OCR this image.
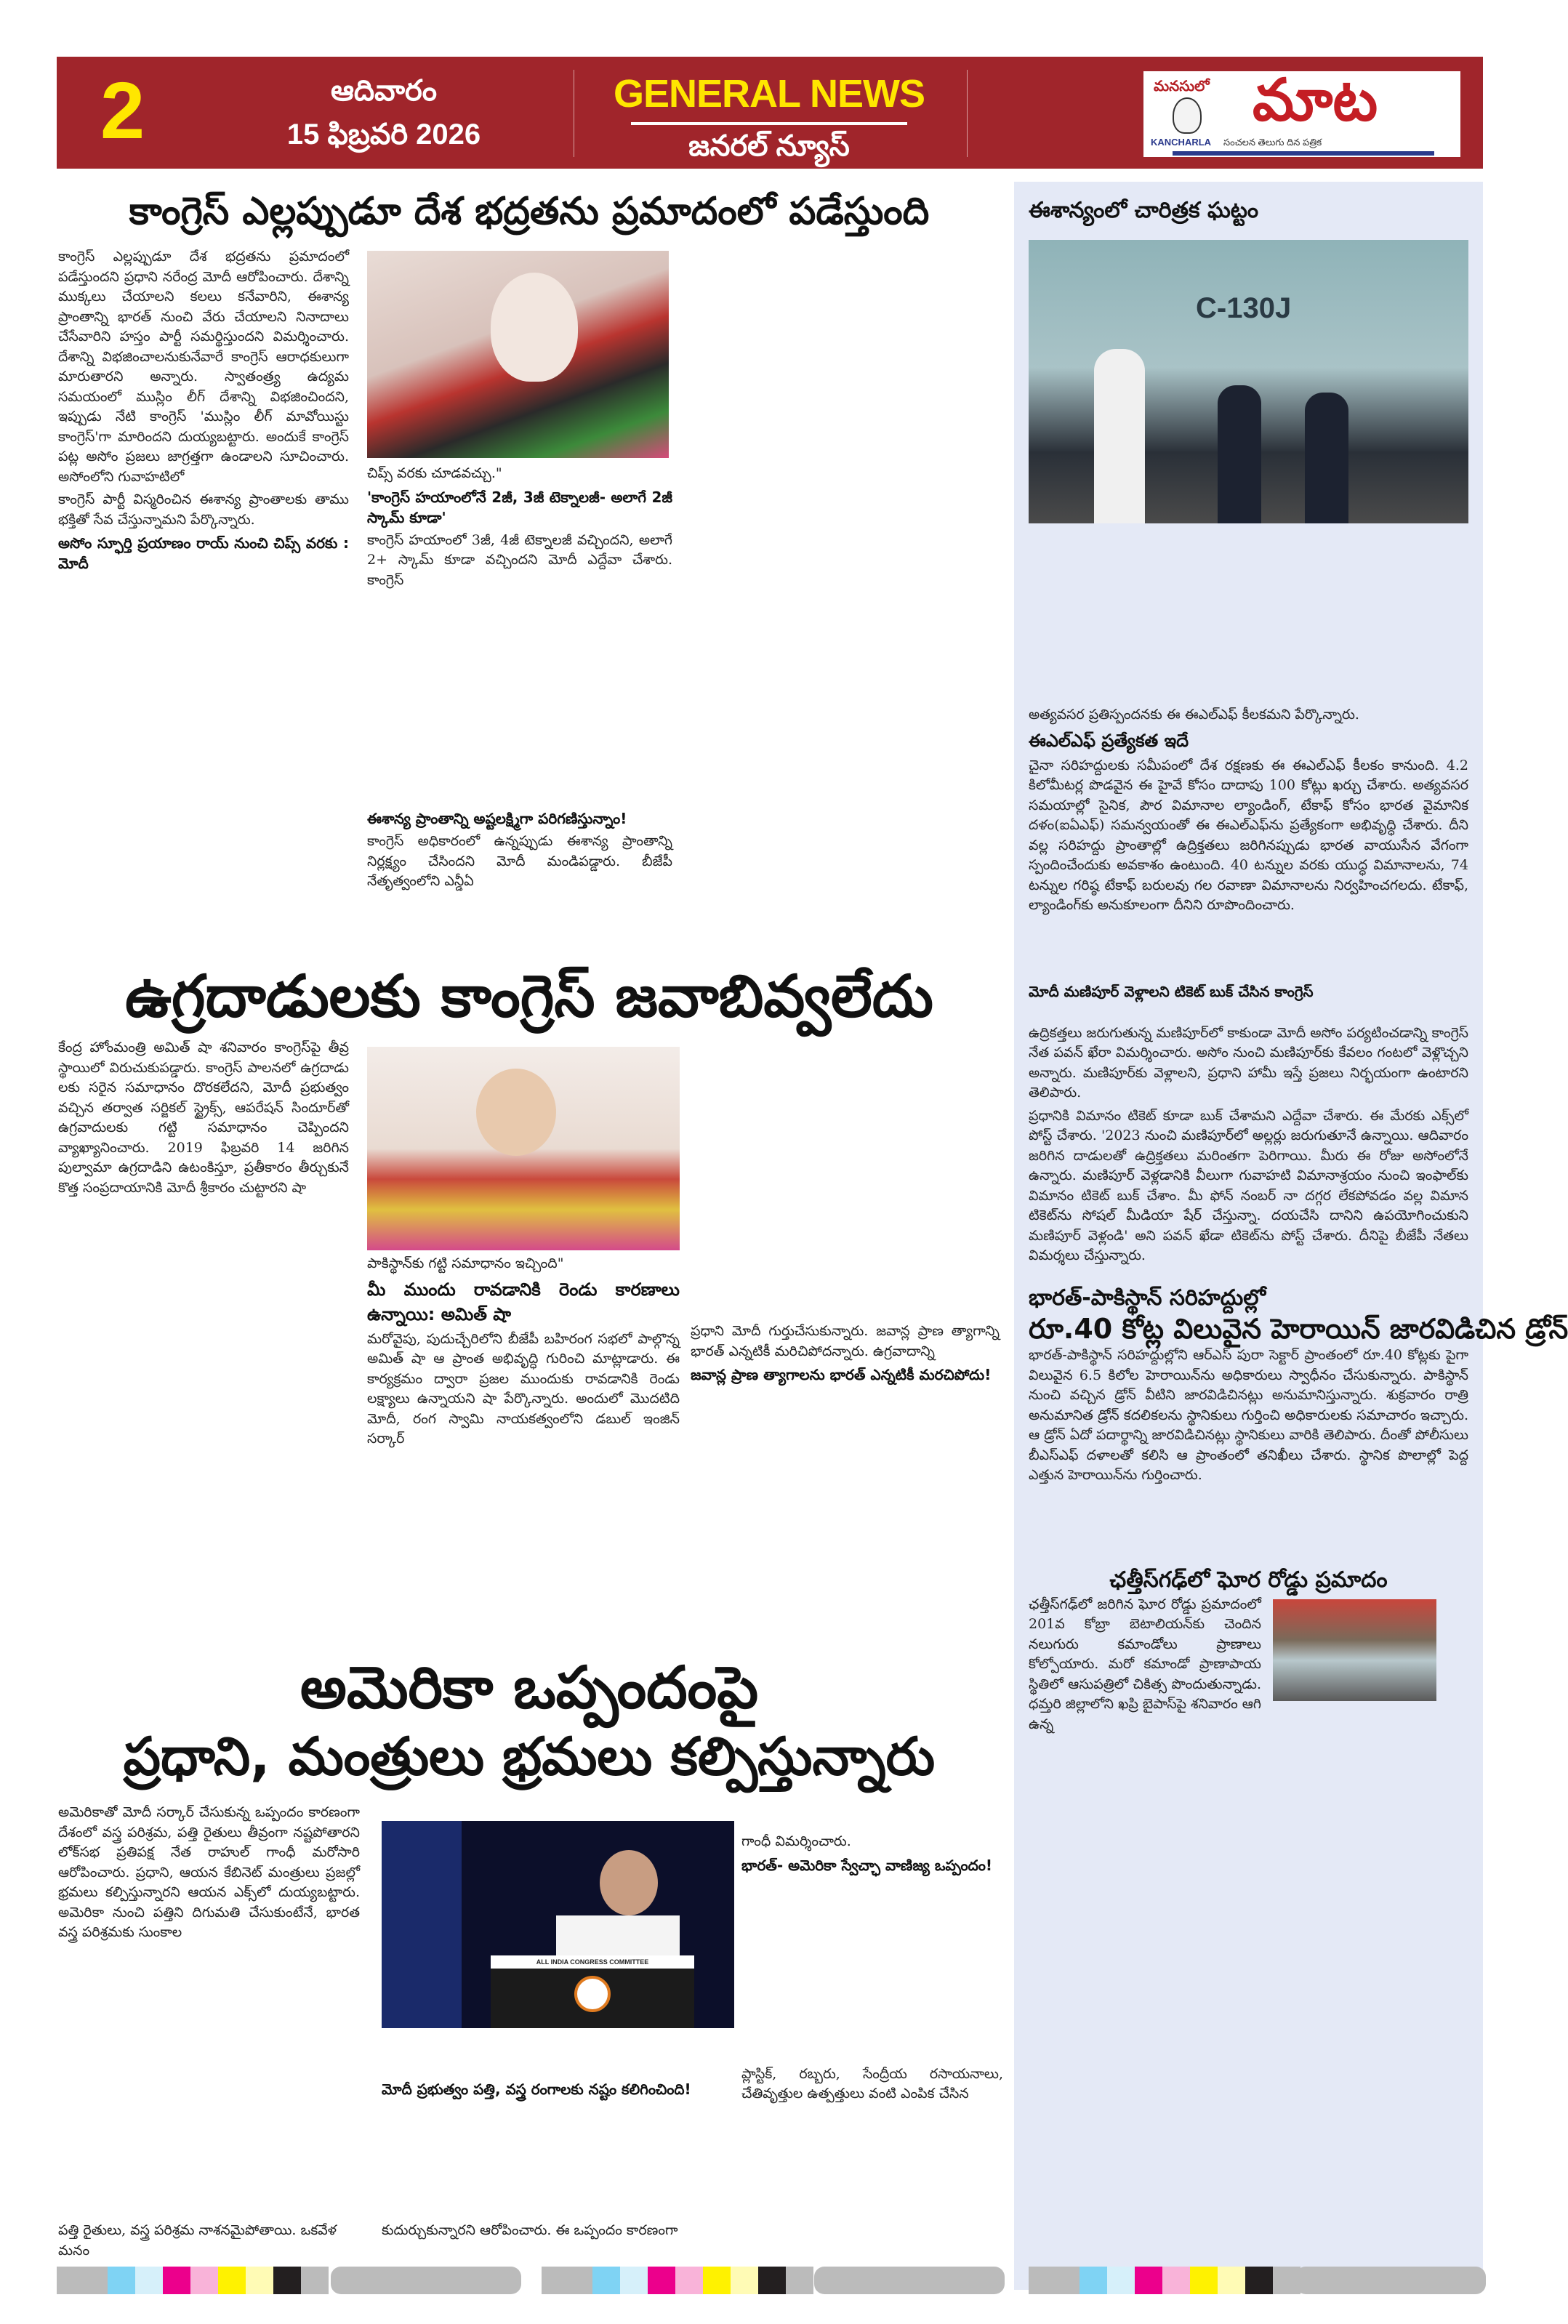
2	ఆదివారం
15 ఫిబ్రవరి 2026
GENERAL NEWS
జనరల్ న్యూస్
మనసులో మాట
KANCHARLA సంచలన తెలుగు దిన పత్రిక
కాంగ్రెస్ ఎల్లప్పుడూ దేశ భద్రతను ప్రమాదంలో పడేస్తుంది

కాంగ్రెస్ ఎల్లప్పుడూ దేశ భద్రతను ప్రమాదంలో పడేస్తుందని ప్రధాని నరేంద్ర మోదీ ఆరోపించారు. దేశాన్ని ముక్కలు చేయాలని కలలు కనేవారిని, ఈశాన్య ప్రాంతాన్ని భారత్ నుంచి వేరు చేయాలని నినాదాలు చేసేవారిని హస్తం పార్టీ సమర్థిస్తుందని విమర్శించారు. దేశాన్ని విభజించాలనుకునేవారే కాంగ్రెస్ ఆరాధకులుగా మారుతారని అన్నారు. స్వాతంత్ర్య ఉద్యమ సమయంలో ముస్లిం లీగ్ దేశాన్ని విభజించిందని, ఇప్పుడు నేటి కాంగ్రెస్ 'ముస్లిం లీగ్ మావోయిస్టు కాంగ్రెస్'గా మారిందని దుయ్యబట్టారు. అందుకే కాంగ్రెస్ పట్ల అసోం ప్రజలు జాగ్రత్తగా ఉండాలని సూచించారు. అసోంలోని గువాహటిలో

కాంగ్రెస్ పార్టీ విస్మరించిన ఈశాన్య ప్రాంతాలకు తాము భక్తితో సేవ చేస్తున్నామని పేర్కొన్నారు.

అసోం స్ఫూర్తి ప్రయాణం రాయ్ నుంచి చిప్స్ వరకు : మోదీ

చిప్స్ వరకు చూడవచ్చు."

'కాంగ్రెస్ హయాంలోనే 2జీ, 3జీ టెక్నాలజీ- అలాగే 2జీ స్కామ్ కూడా'

కాంగ్రెస్ హయాంలో 3జీ, 4జీ టెక్నాలజీ వచ్చిందని, అలాగే 2+ స్కామ్ కూడా వచ్చిందని మోదీ ఎద్దేవా చేశారు. కాంగ్రెస్

ఈశాన్య ప్రాంతాన్ని అష్టలక్ష్మిగా పరిగణిస్తున్నాం!

కాంగ్రెస్ అధికారంలో ఉన్నప్పుడు ఈశాన్య ప్రాంతాన్ని నిర్లక్ష్యం చేసిందని మోదీ మండిపడ్డారు. బీజేపీ నేతృత్వంలోని ఎన్డీఏ

ఉగ్రదాడులకు కాంగ్రెస్ జవాబివ్వలేదు

కేంద్ర హోంమంత్రి అమిత్ షా శనివారం కాంగ్రెస్‌పై తీవ్ర స్థాయిలో విరుచుకుపడ్డారు. కాంగ్రెస్ పాలనలో ఉగ్రదాడు లకు సరైన సమాధానం దొరకలేదని, మోదీ ప్రభుత్వం వచ్చిన తర్వాత సర్జికల్ స్ట్రైక్స్, ఆపరేషన్ సిందూర్‌తో ఉగ్రవాదులకు గట్టి సమాధానం చెప్పిందని వ్యాఖ్యానించారు. 2019 ఫిబ్రవరి 14 జరిగిన పుల్వామా ఉగ్రదాడిని ఉటంకిస్తూ, ప్రతీకారం తీర్చుకునే కొత్త సంప్రదాయానికి మోదీ శ్రీకారం చుట్టారని షా

పాకిస్థాన్‌కు గట్టి సమాధానం ఇచ్చింది"

మీ ముందు రావడానికి రెండు కారణాలు ఉన్నాయి: అమిత్ షా

మరోవైపు, పుదుచ్చేరిలోని బీజేపీ బహిరంగ సభలో పాల్గొన్న అమిత్ షా ఆ ప్రాంత అభివృద్ధి గురించి మాట్లాడారు. ఈ కార్యక్రమం ద్వారా ప్రజల ముందుకు రావడానికి రెండు లక్ష్యాలు ఉన్నాయని షా పేర్కొన్నారు. అందులో మొదటిది మోదీ, రంగ స్వామి నాయకత్వంలోని డబుల్ ఇంజిన్ సర్కార్

ప్రధాని మోదీ గుర్తుచేసుకున్నారు. జవాన్ల ప్రాణ త్యాగాన్ని భారత్ ఎన్నటికీ మరిచిపోదన్నారు. ఉగ్రవాదాన్ని

జవాన్ల ప్రాణ త్యాగాలను భారత్ ఎన్నటికీ మరచిపోదు!
అమెరికా ఒప్పందంపై
ప్రధాని, మంత్రులు భ్రమలు కల్పిస్తున్నారు

అమెరికాతో మోదీ సర్కార్ చేసుకున్న ఒప్పందం కారణంగా దేశంలో వస్త్ర పరిశ్రమ, పత్తి రైతులు తీవ్రంగా నష్టపోతారని లోక్‌సభ ప్రతిపక్ష నేత రాహుల్ గాంధీ మరోసారి ఆరోపించారు. ప్రధాని, ఆయన కేబినెట్ మంత్రులు ప్రజల్లో భ్రమలు కల్పిస్తున్నారని ఆయన ఎక్స్‌లో దుయ్యబట్టారు. అమెరికా నుంచి పత్తిని దిగుమతి చేసుకుంటేనే, భారత వస్త్ర పరిశ్రమకు సుంకాల

పత్తి రైతులు, వస్త్ర పరిశ్రమ నాశనమైపోతాయి. ఒకవేళ మనం
ALL INDIA CONGRESS COMMITTEE
మోదీ ప్రభుత్వం పత్తి, వస్త్ర రంగాలకు నష్టం కలిగించింది!
కుదుర్చుకున్నారని ఆరోపించారు. ఈ ఒప్పందం కారణంగా

గాంధీ విమర్శించారు.

భారత్- అమెరికా స్వేచ్ఛా వాణిజ్య ఒప్పందం!

ప్లాస్టిక్, రబ్బరు, సేంద్రీయ రసాయనాలు, చేతివృత్తుల ఉత్పత్తులు వంటి ఎంపిక చేసిన

ఈశాన్యంలో చారిత్రక ఘట్టం
C-130J

అత్యవసర ప్రతిస్పందనకు ఈ ఈఎల్ఎఫ్ కీలకమని పేర్కొన్నారు.

ఈఎల్ఎఫ్ ప్రత్యేకత ఇదే

చైనా సరిహద్దులకు సమీపంలో దేశ రక్షణకు ఈ ఈఎల్ఎఫ్ కీలకం కానుంది. 4.2 కిలోమీటర్ల పొడవైన ఈ హైవే కోసం దాదాపు 100 కోట్లు ఖర్చు చేశారు. అత్యవసర సమయాల్లో సైనిక, పౌర విమానాల ల్యాండింగ్, టేకాఫ్ కోసం భారత వైమానిక దళం(ఐఏఎఫ్) సమన్వయంతో ఈ ఈఎల్ఎఫ్‌ను ప్రత్యేకంగా అభివృద్ధి చేశారు. దీని వల్ల సరిహద్దు ప్రాంతాల్లో ఉద్రిక్తతలు జరిగినప్పుడు భారత వాయుసేన వేగంగా స్పందించేందుకు అవకాశం ఉంటుంది. 40 టన్నుల వరకు యుద్ధ విమానాలను, 74 టన్నుల గరిష్ఠ టేకాఫ్ బరులవు గల రవాణా విమానాలను నిర్వహించగలదు. టేకాఫ్, ల్యాండింగ్‌కు అనుకూలంగా దీనిని రూపొందించారు.

మోదీ మణిపూర్ వెళ్లాలని టికెట్ బుక్ చేసిన కాంగ్రెస్

ఉద్రికత్తలు జరుగుతున్న మణిపూర్‌లో కాకుండా మోదీ అసోం పర్యటించడాన్ని కాంగ్రెస్ నేత పవన్ ఖేరా విమర్శించారు. అసోం నుంచి మణిపూర్‌కు కేవలం గంటలో వెళ్లొచ్చని అన్నారు. మణిపూర్‌కు వెళ్లాలని, ప్రధాని హామీ ఇస్తే ప్రజలు నిర్భయంగా ఉంటారని తెలిపారు.

ప్రధానికి విమానం టికెట్ కూడా బుక్ చేశామని ఎద్దేవా చేశారు. ఈ మేరకు ఎక్స్‌లో పోస్ట్ చేశారు. '2023 నుంచి మణిపూర్‌లో అల్లర్లు జరుగుతూనే ఉన్నాయి. ఆదివారం జరిగిన దాడులతో ఉద్రిక్తతలు మరింతగా పెరిగాయి. మీరు ఈ రోజు అసోంలోనే ఉన్నారు. మణిపూర్ వెళ్లడానికి వీలుగా గువాహటి విమానాశ్రయం నుంచి ఇంఫాల్‌కు విమానం టికెట్ బుక్ చేశాం. మీ ఫోన్ నంబర్ నా దగ్గర లేకపోవడం వల్ల విమాన టికెట్‌ను సోషల్ మీడియా షేర్ చేస్తున్నా. దయచేసి దానిని ఉపయోగించుకుని మణిపూర్ వెళ్లండి' అని పవన్ ఖేడా టికెట్‌ను పోస్ట్ చేశారు. దీనిపై బీజేపీ నేతలు విమర్శలు చేస్తున్నారు.

భారత్-పాకిస్థాన్ సరిహద్దుల్లో
రూ.40 కోట్ల విలువైన హెరాయిన్ జారవిడిచిన డ్రోన్

భారత్-పాకిస్థాన్ సరిహద్దుల్లోని ఆర్ఎస్ పురా సెక్టార్ ప్రాంతంలో రూ.40 కోట్లకు పైగా విలువైన 6.5 కిలోల హెరాయిన్‌ను అధికారులు స్వాధీనం చేసుకున్నారు. పాకిస్థాన్ నుంచి వచ్చిన డ్రోన్ వీటిని జారవిడిచినట్లు అనుమానిస్తున్నారు. శుక్రవారం రాత్రి అనుమానిత డ్రోన్ కదలికలను స్థానికులు గుర్తించి అధికారులకు సమాచారం ఇచ్చారు. ఆ డ్రోన్ ఏదో పదార్థాన్ని జారవిడిచినట్లు స్థానికులు వారికి తెలిపారు. దీంతో పోలీసులు బీఎస్ఎఫ్ దళాలతో కలిసి ఆ ప్రాంతంలో తనిఖీలు చేశారు. స్థానిక పొలాల్లో పెద్ద ఎత్తున హెరాయిన్‌ను గుర్తించారు.

ఛత్తీస్‌గఢ్‌లో ఘోర రోడ్డు ప్రమాదం

ఛత్తీస్‌గఢ్‌లో జరిగిన ఘోర రోడ్డు ప్రమాదంలో 201వ కోబ్రా బెటాలియన్‌కు చెందిన నలుగురు కమాండోలు ప్రాణాలు కోల్పోయారు. మరో కమాండో ప్రాణాపాయ స్థితిలో ఆసుపత్రిలో చికిత్స పొందుతున్నాడు. ధమ్తరి జిల్లాలోని ఖప్రి బైపాస్‌పై శనివారం ఆగి ఉన్న
